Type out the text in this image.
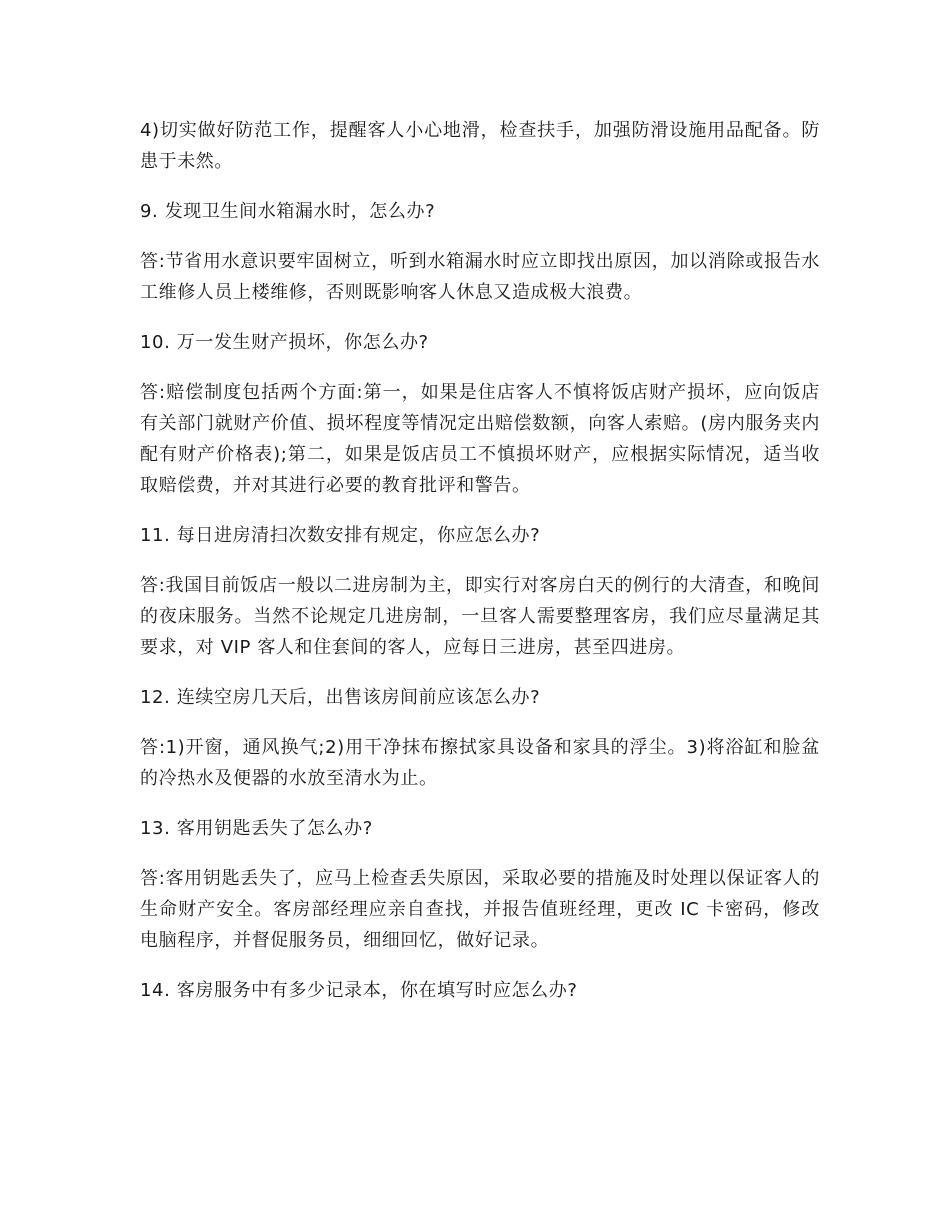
4)切实做好防范工作，提醒客人小心地滑，检查扶手，加强防滑设施用品配备。防患于未然。

9. 发现卫生间水箱漏水时，怎么办?

答:节省用水意识要牢固树立，听到水箱漏水时应立即找出原因，加以消除或报告水工维修人员上楼维修，否则既影响客人休息又造成极大浪费。

10. 万一发生财产损坏，你怎么办?

答:赔偿制度包括两个方面:第一，如果是住店客人不慎将饭店财产损坏，应向饭店有关部门就财产价值、损坏程度等情况定出赔偿数额，向客人索赔。(房内服务夹内配有财产价格表);第二，如果是饭店员工不慎损坏财产，应根据实际情况，适当收取赔偿费，并对其进行必要的教育批评和警告。

11. 每日进房清扫次数安排有规定，你应怎么办?

答:我国目前饭店一般以二进房制为主，即实行对客房白天的例行的大清查，和晚间的夜床服务。当然不论规定几进房制，一旦客人需要整理客房，我们应尽量满足其要求，对 VIP 客人和住套间的客人，应每日三进房，甚至四进房。

12. 连续空房几天后，出售该房间前应该怎么办?

答:1)开窗，通风换气;2)用干净抹布擦拭家具设备和家具的浮尘。3)将浴缸和脸盆的冷热水及便器的水放至清水为止。

13. 客用钥匙丢失了怎么办?

答:客用钥匙丢失了，应马上检查丢失原因，采取必要的措施及时处理以保证客人的生命财产安全。客房部经理应亲自查找，并报告值班经理，更改 IC 卡密码，修改电脑程序，并督促服务员，细细回忆，做好记录。

14. 客房服务中有多少记录本，你在填写时应怎么办?
